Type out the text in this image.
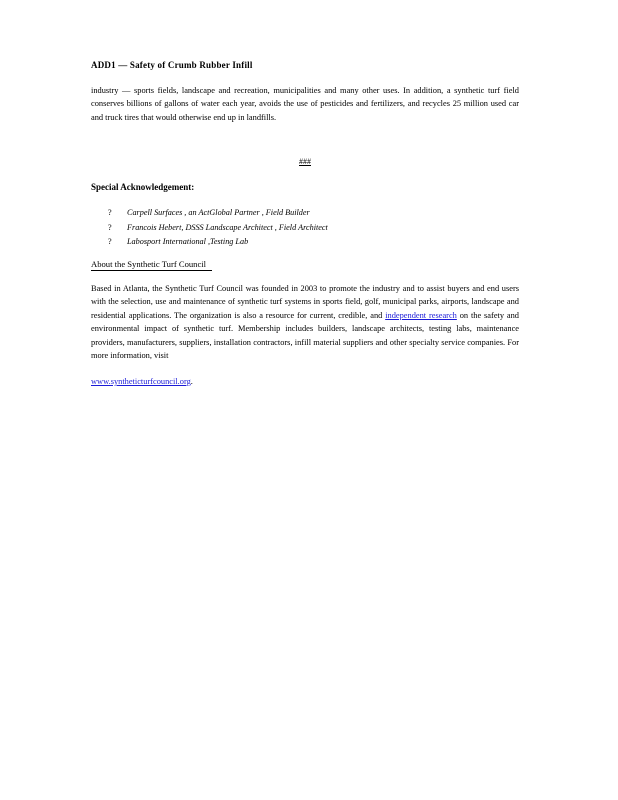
ADD1 — Safety of Crumb Rubber Infill
industry — sports fields, landscape and recreation, municipalities and many other uses. In addition, a synthetic turf field conserves billions of gallons of water each year, avoids the use of pesticides and fertilizers, and recycles 25 million used car and truck tires that would otherwise end up in landfills.
###
Special Acknowledgement:
? Carpell Surfaces , an ActGlobal Partner , Field Builder
? Francois Hebert, DSSS Landscape Architect , Field Architect
? Labosport International ,Testing Lab
About the Synthetic Turf Council
Based in Atlanta, the Synthetic Turf Council was founded in 2003 to promote the industry and to assist buyers and end users with the selection, use and maintenance of synthetic turf systems in sports field, golf, municipal parks, airports, landscape and residential applications. The organization is also a resource for current, credible, and independent research on the safety and environmental impact of synthetic turf. Membership includes builders, landscape architects, testing labs, maintenance providers, manufacturers, suppliers, installation contractors, infill material suppliers and other specialty service companies. For more information, visit
www.syntheticturfcouncil.org.
